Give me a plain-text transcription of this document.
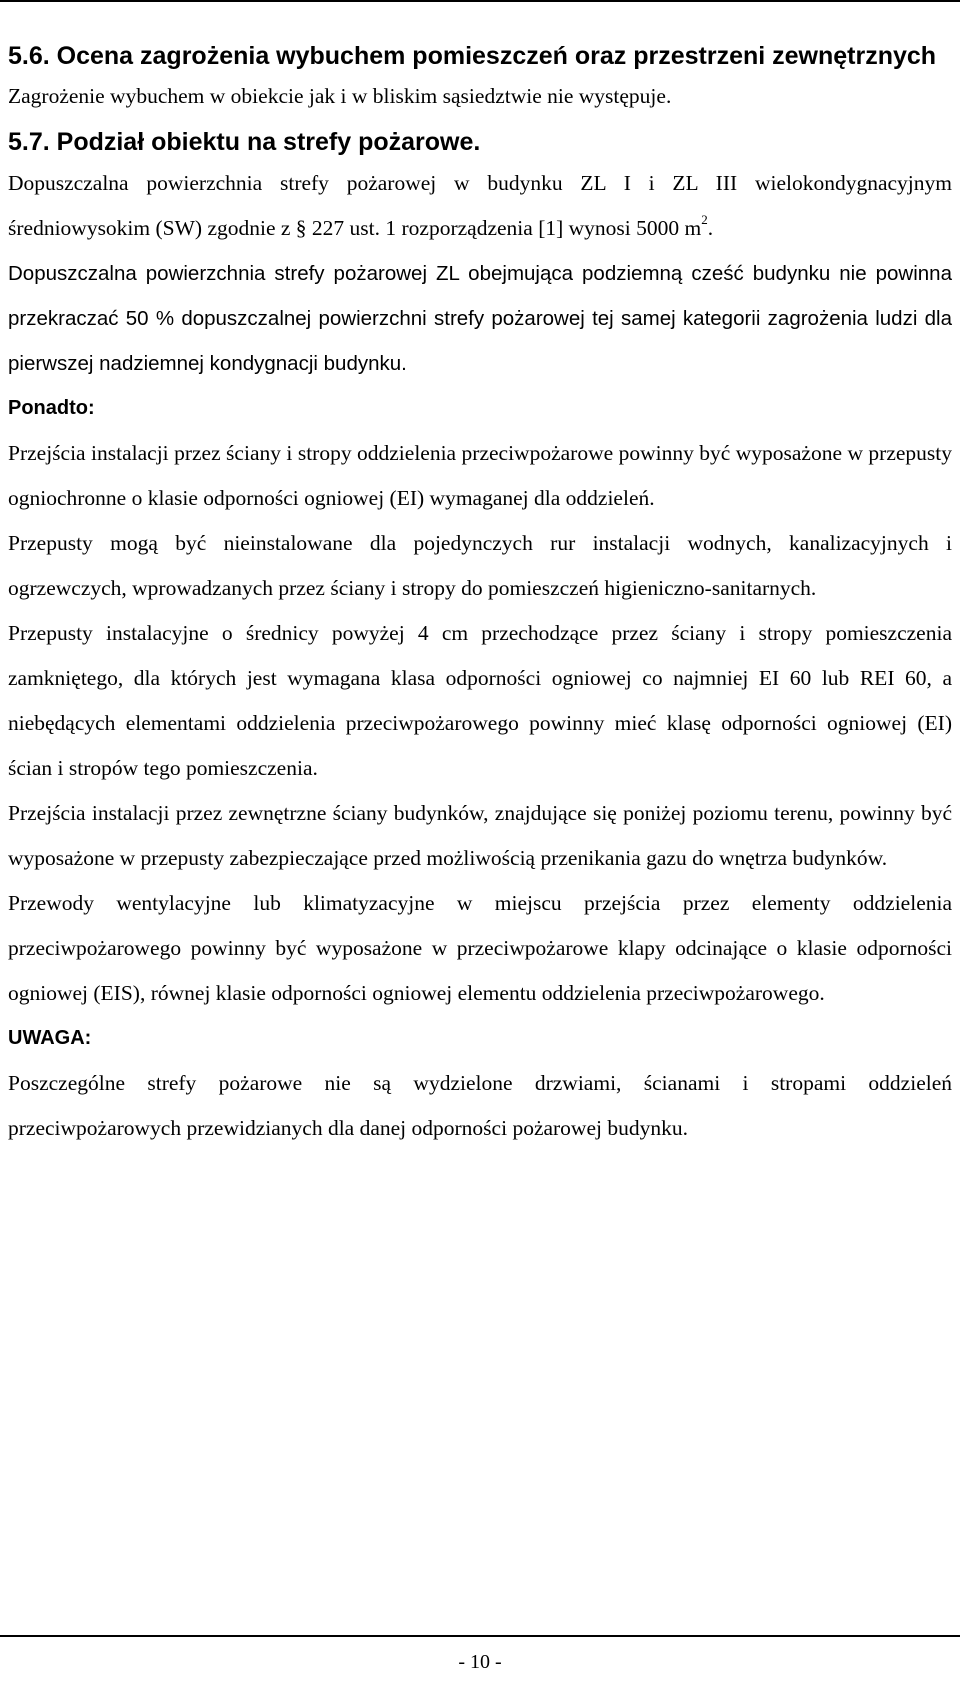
5.6. Ocena zagrożenia wybuchem pomieszczeń oraz przestrzeni zewnętrznych

Zagrożenie wybuchem w obiekcie jak i w bliskim sąsiedztwie nie występuje.

5.7. Podział obiektu na strefy pożarowe.

Dopuszczalna powierzchnia strefy pożarowej w budynku ZL I i ZL III wielokondygnacyjnym średniowysokim (SW) zgodnie z § 227 ust. 1 rozporządzenia [1] wynosi 5000 $m^2$.

Dopuszczalna powierzchnia strefy pożarowej ZL obejmująca podziemną cześć budynku nie powinna przekraczać 50 % dopuszczalnej powierzchni strefy pożarowej tej samej kategorii zagrożenia ludzi dla pierwszej nadziemnej kondygnacji budynku.

Ponadto:

Przejścia instalacji przez ściany i stropy oddzielenia przeciwpożarowe powinny być wyposażone w przepusty ogniochronne o klasie odporności ogniowej (EI) wymaganej dla oddzieleń.

Przepusty mogą być nieinstalowane dla pojedynczych rur instalacji wodnych, kanalizacyjnych i ogrzewczych, wprowadzanych przez ściany i stropy do pomieszczeń higieniczno-sanitarnych.

Przepusty instalacyjne o średnicy powyżej 4 cm przechodzące przez ściany i stropy pomieszczenia zamkniętego, dla których jest wymagana klasa odporności ogniowej co najmniej EI 60 lub REI 60, a niebędących elementami oddzielenia przeciwpożarowego powinny mieć klasę odporności ogniowej (EI) ścian i stropów tego pomieszczenia.

Przejścia instalacji przez zewnętrzne ściany budynków, znajdujące się poniżej poziomu terenu, powinny być wyposażone w przepusty zabezpieczające przed możliwością przenikania gazu do wnętrza budynków.

Przewody wentylacyjne lub klimatyzacyjne w miejscu przejścia przez elementy oddzielenia przeciwpożarowego powinny być wyposażone w przeciwpożarowe klapy odcinające o klasie odporności ogniowej (EIS), równej klasie odporności ogniowej elementu oddzielenia przeciwpożarowego.

UWAGA:

Poszczególne strefy pożarowe nie są wydzielone drzwiami, ścianami i stropami oddzieleń przeciwpożarowych przewidzianych dla danej odporności pożarowej budynku.

- 10 -
